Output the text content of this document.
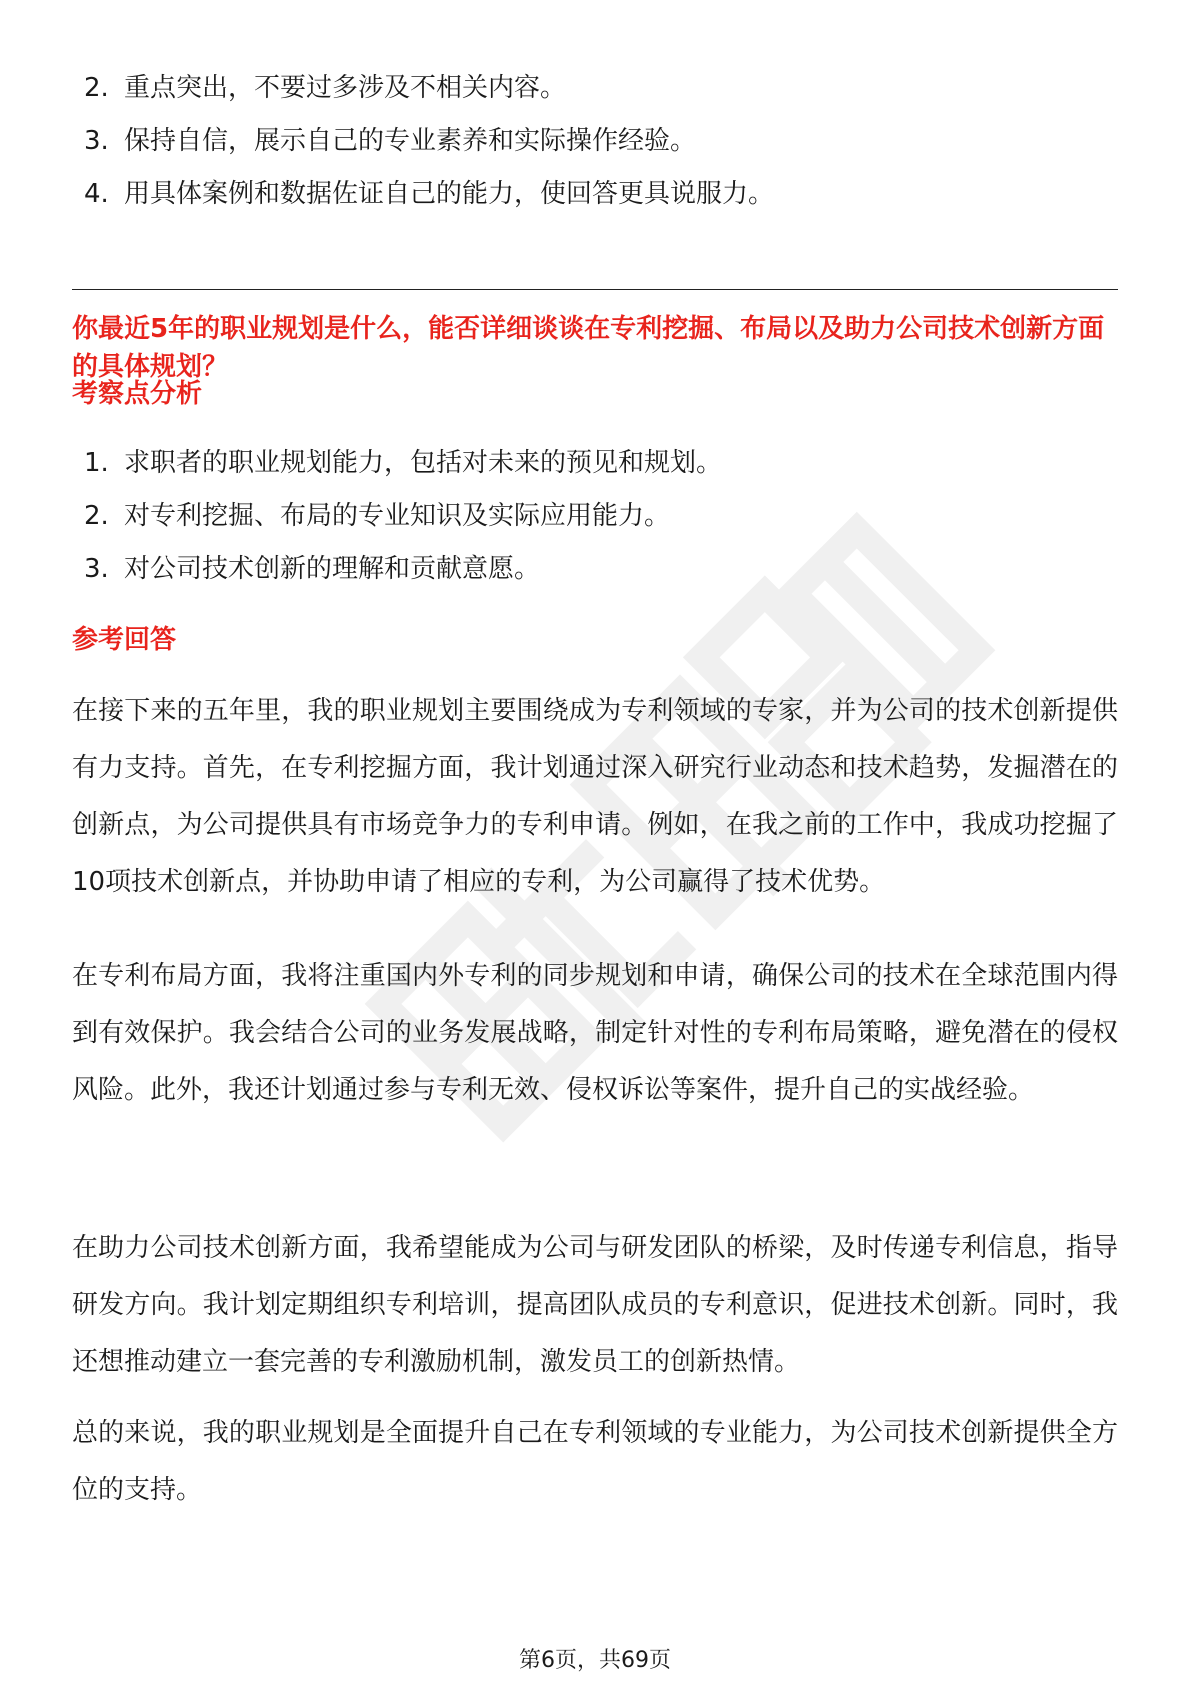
2. 重点突出，不要过多涉及不相关内容。
3. 保持自信，展示自己的专业素养和实际操作经验。
4. 用具体案例和数据佐证自己的能力，使回答更具说服力。
你最近5年的职业规划是什么，能否详细谈谈在专利挖掘、布局以及助力公司技术创新方面的具体规划？
考察点分析
1. 求职者的职业规划能力，包括对未来的预见和规划。
2. 对专利挖掘、布局的专业知识及实际应用能力。
3. 对公司技术创新的理解和贡献意愿。
参考回答

在接下来的五年里，我的职业规划主要围绕成为专利领域的专家，并为公司的技术创新提供有力支持。首先，在专利挖掘方面，我计划通过深入研究行业动态和技术趋势，发掘潜在的创新点，为公司提供具有市场竞争力的专利申请。例如，在我之前的工作中，我成功挖掘了10项技术创新点，并协助申请了相应的专利，为公司赢得了技术优势。

在专利布局方面，我将注重国内外专利的同步规划和申请，确保公司的技术在全球范围内得到有效保护。我会结合公司的业务发展战略，制定针对性的专利布局策略，避免潜在的侵权风险。此外，我还计划通过参与专利无效、侵权诉讼等案件，提升自己的实战经验。

在助力公司技术创新方面，我希望能成为公司与研发团队的桥梁，及时传递专利信息，指导研发方向。我计划定期组织专利培训，提高团队成员的专利意识，促进技术创新。同时，我还想推动建立一套完善的专利激励机制，激发员工的创新热情。

总的来说，我的职业规划是全面提升自己在专利领域的专业能力，为公司技术创新提供全方位的支持。

第6页，共69页
